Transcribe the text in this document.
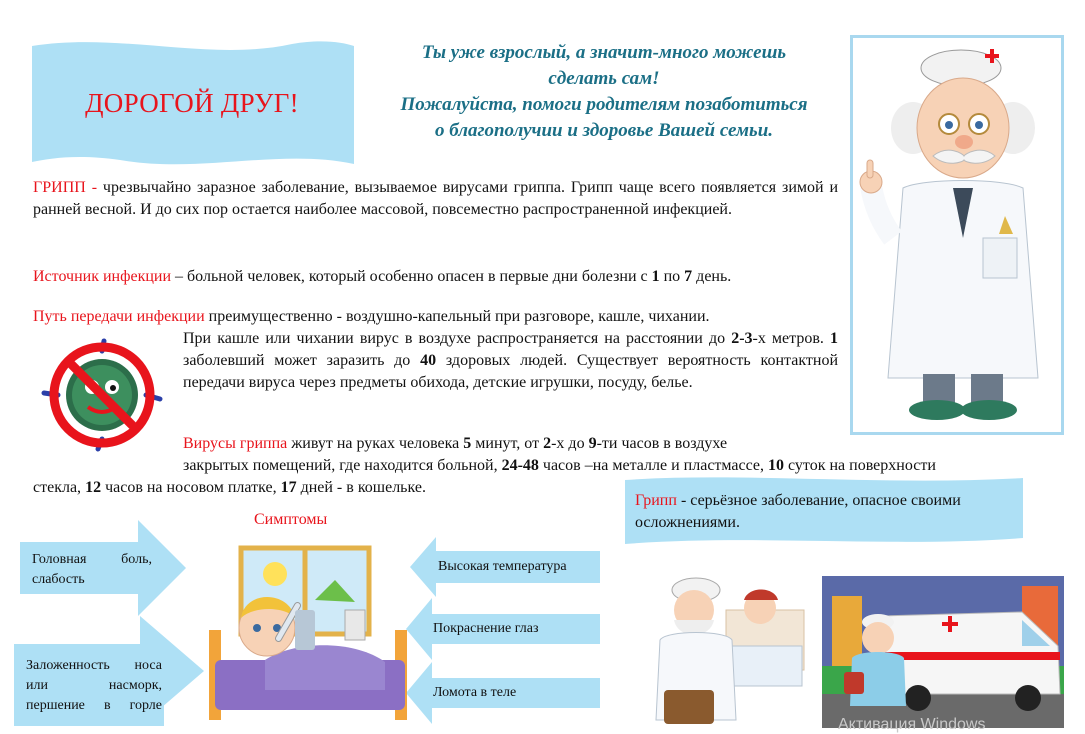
ДОРОГОЙ ДРУГ!
Ты уже взрослый, а значит-много можешь
сделать сам!
Пожалуйста, помоги родителям позаботиться
о благополучии и здоровье Вашей семьи.

ГРИПП - чрезвычайно заразное заболевание, вызываемое вирусами гриппа. Грипп чаще всего появляется зимой и ранней весной. И до сих пор остается наиболее массовой, повсеместно распространенной инфекцией.

Источник инфекции – больной человек, который особенно опасен в первые дни болезни с 1 по 7 день.
Путь передачи инфекции преимущественно - воздушно-капельный при разговоре, кашле, чихании.
При кашле или чихании вирус в воздухе распространяется на расстоянии до 2-3-х метров. 1 заболевший может заразить до 40 здоровых людей. Существует вероятность контактной передачи вируса через предметы обихода, детские игрушки, посуду, белье.
Вирусы гриппа живут на руках человека 5 минут, от 2-х до 9-ти часов в воздухе
закрытых помещений, где находится больной, 24-48 часов –на металле и пластмассе, 10 суток на поверхности
стекла, 12 часов на носовом платке, 17 дней - в кошельке.
Симптомы
Головная боль, слабость
Заложенность носа или насморк, першение в горле
Высокая температура
Покраснение глаз
Ломота в теле
Грипп - серьёзное заболевание, опасное своими осложнениями.
Активация Windows
